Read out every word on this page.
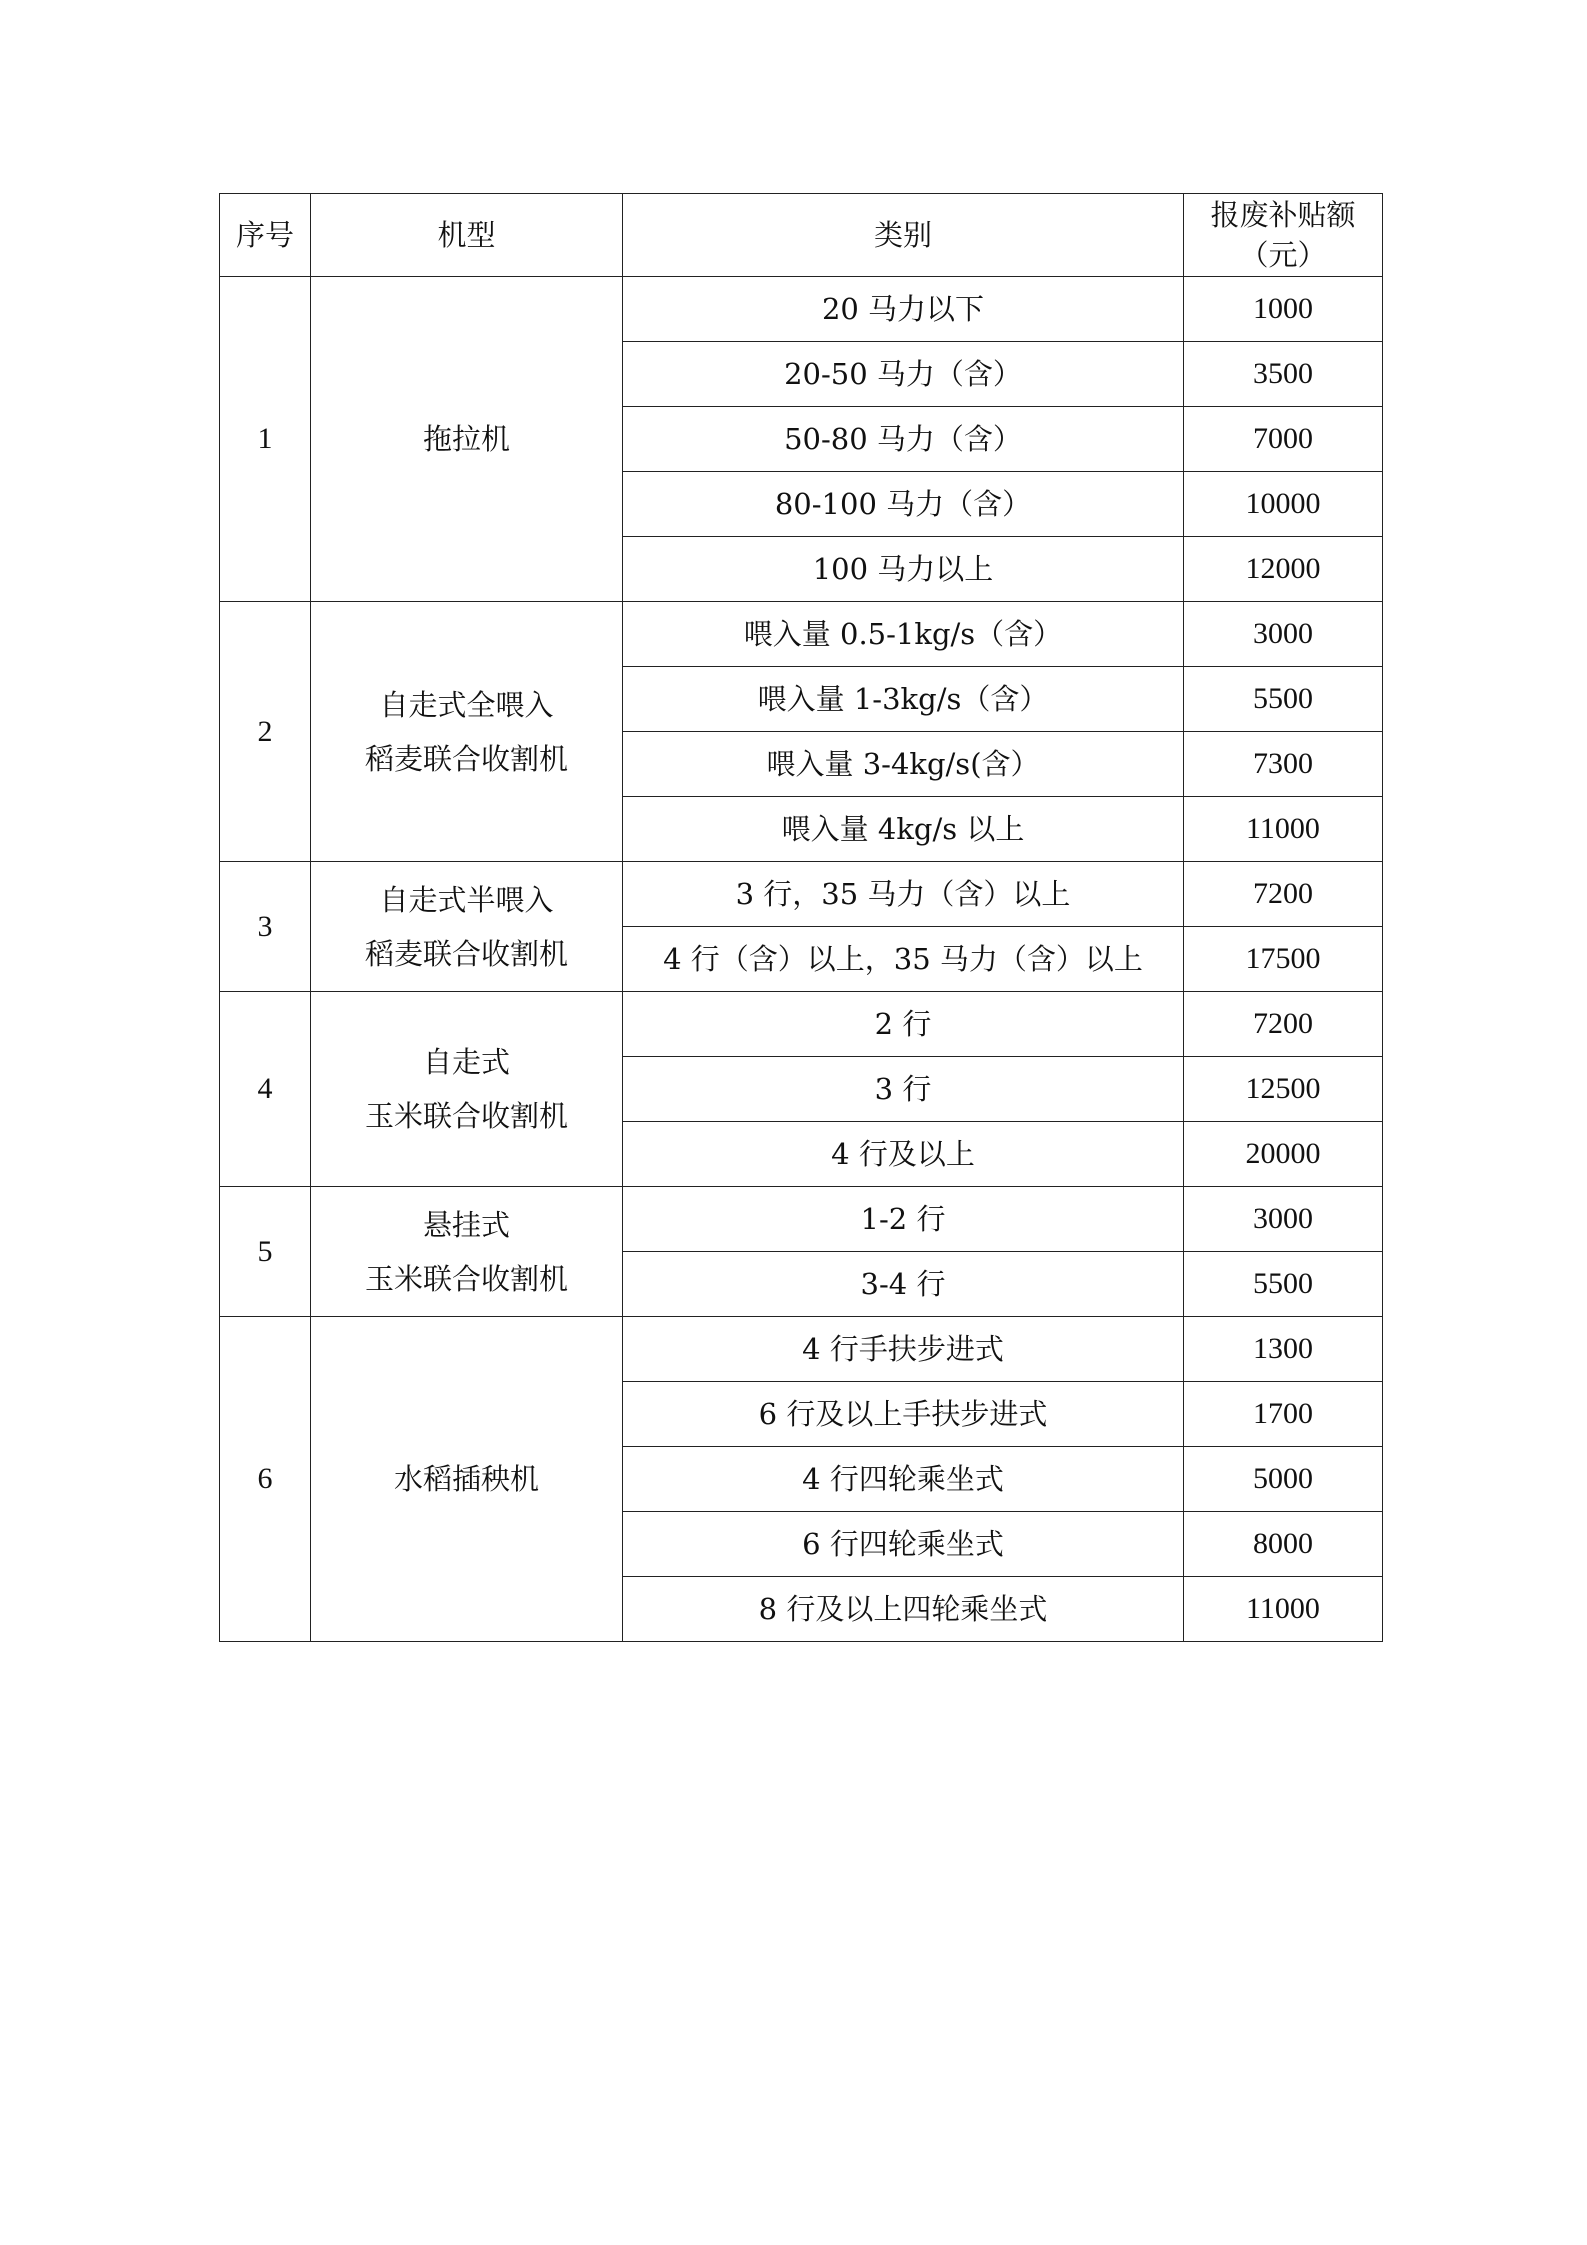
序号	机型	类别	报废补贴额
（元）

1	拖拉机	20 马力以下	1000
		20-50 马力（含）	3500
		50-80 马力（含）	7000
		80-100 马力（含）	10000
		100 马力以上	12000
2	自走式全喂入
稻麦联合收割机	喂入量 0.5-1kg/s（含）	3000
		喂入量 1-3kg/s（含）	5500
		喂入量 3-4kg/s(含）	7300
		喂入量 4kg/s 以上	11000
3	自走式半喂入
稻麦联合收割机	3 行，35 马力（含）以上	7200
		4 行（含）以上，35 马力（含）以上	17500
4	自走式
玉米联合收割机	2 行	7200
		3 行	12500
		4 行及以上	20000
5	悬挂式
玉米联合收割机	1-2 行	3000
		3-4 行	5500
6	水稻插秧机	4 行手扶步进式	1300
		6 行及以上手扶步进式	1700
		4 行四轮乘坐式	5000
		6 行四轮乘坐式	8000
		8 行及以上四轮乘坐式	11000
